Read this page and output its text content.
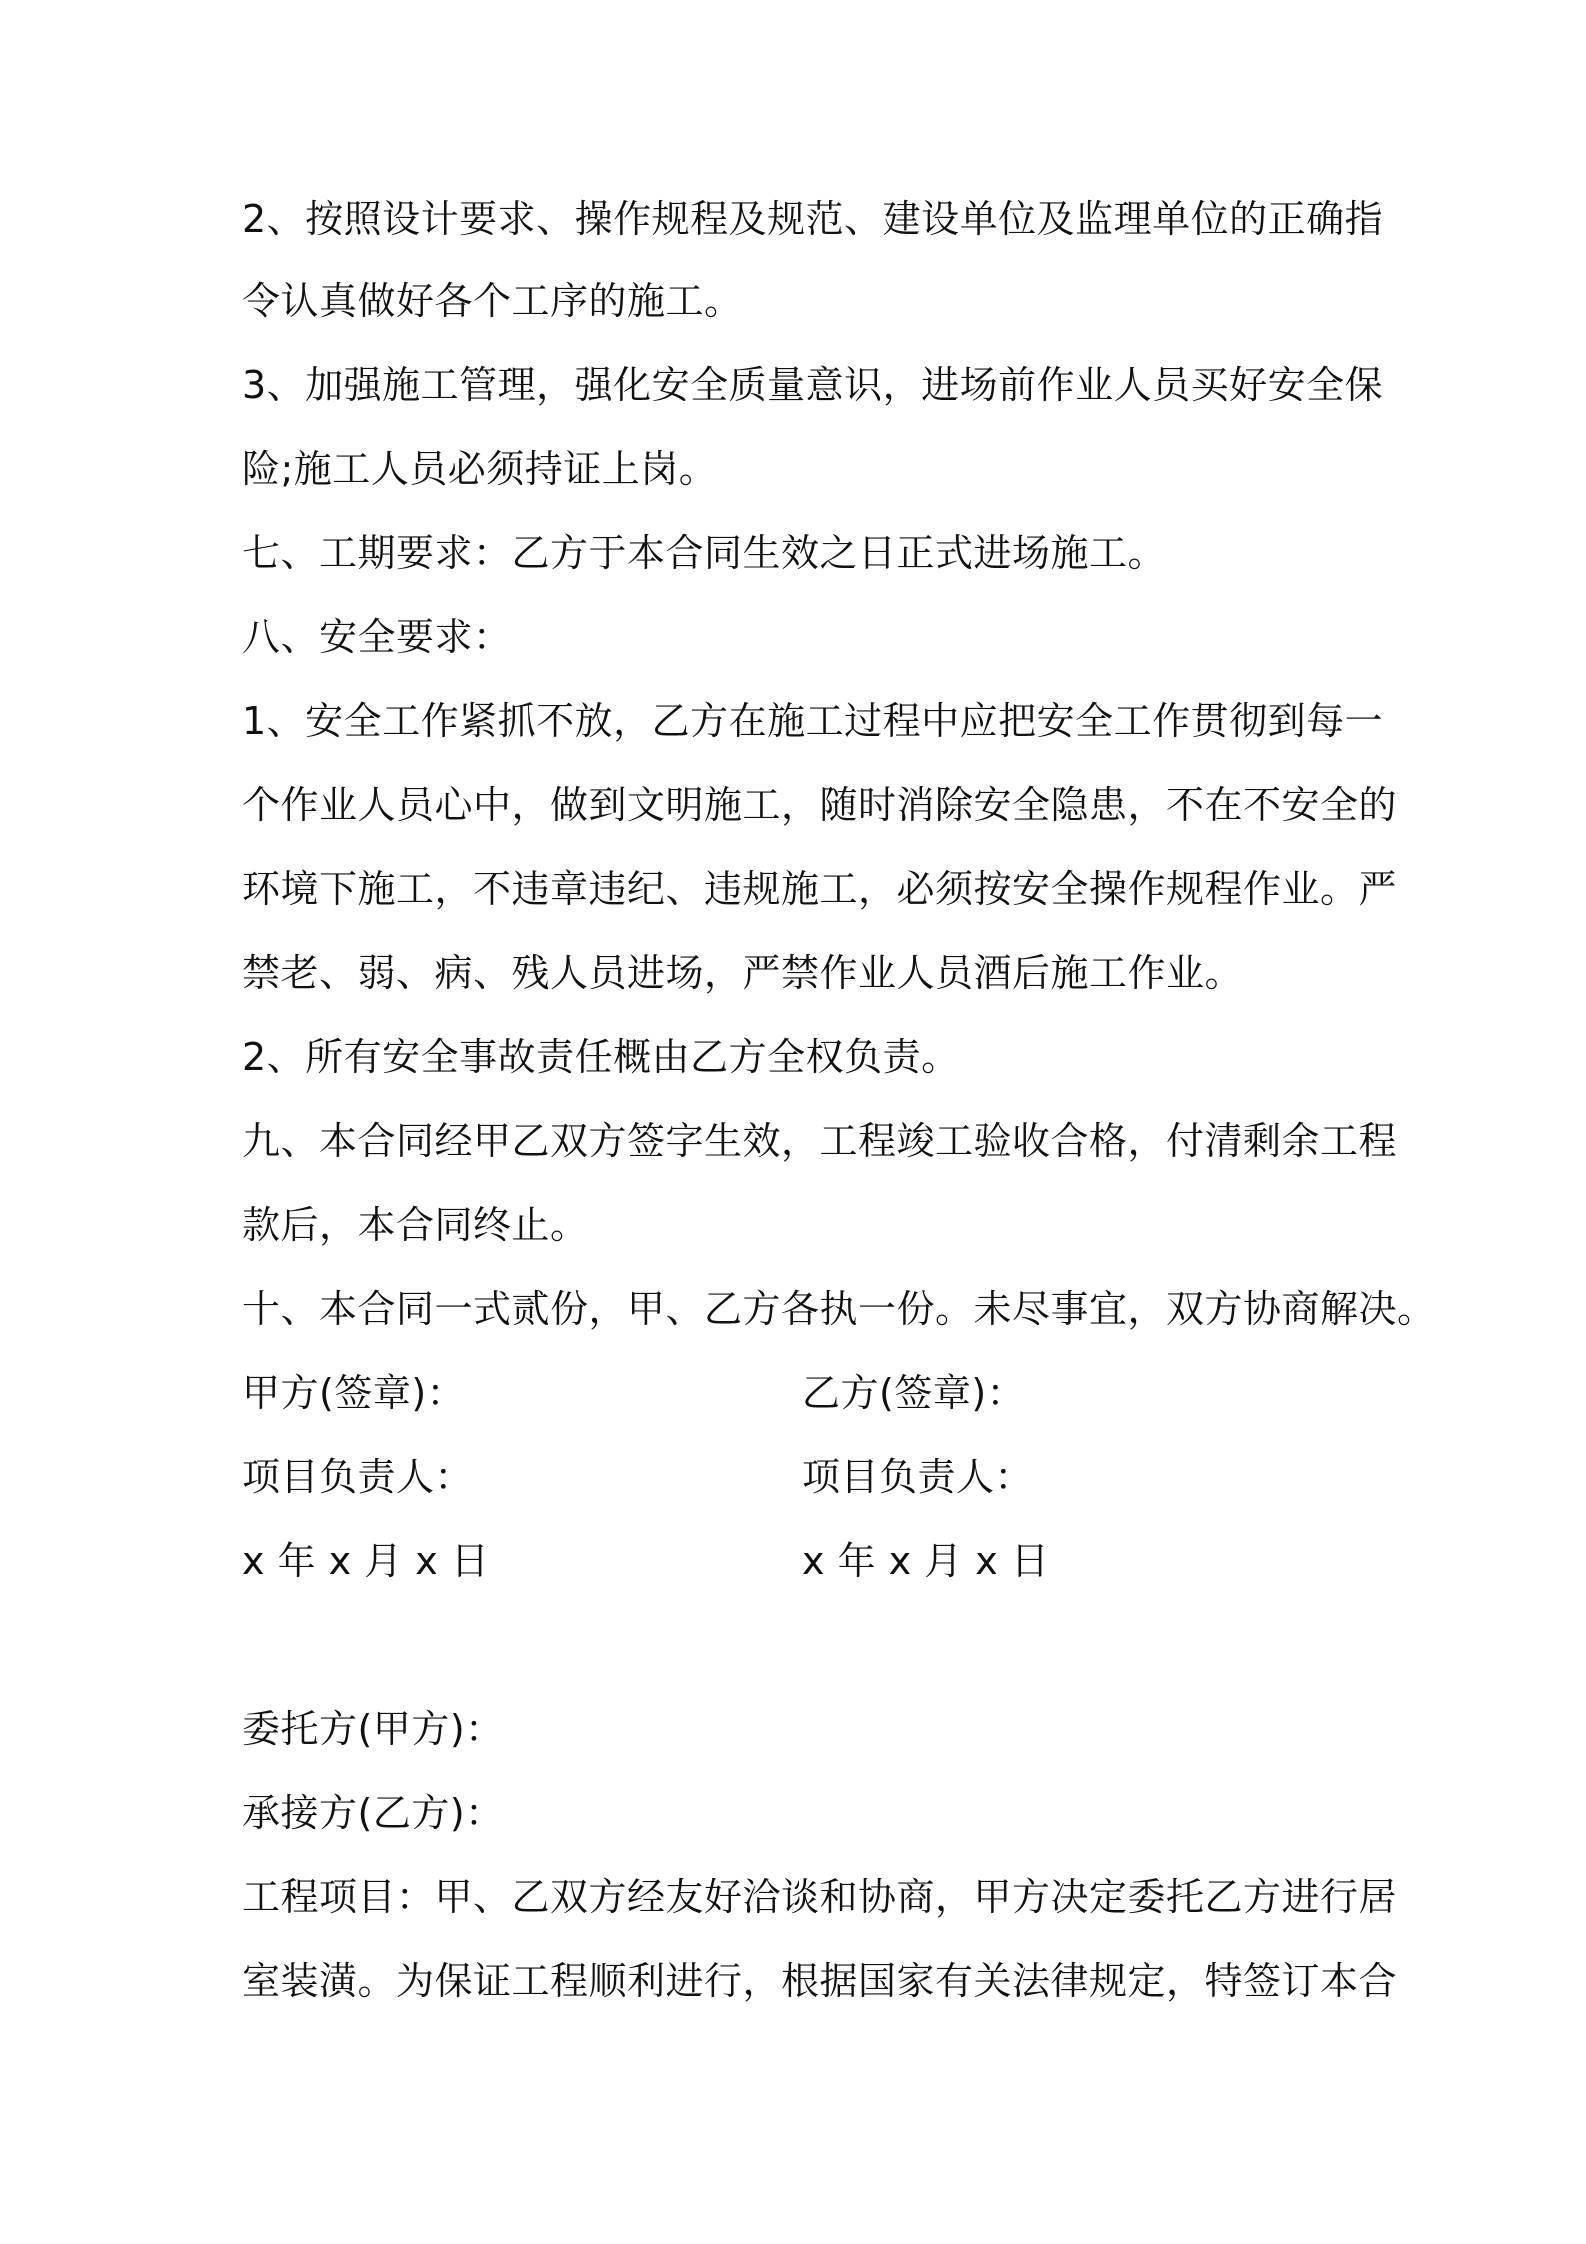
2、按照设计要求、操作规程及规范、建设单位及监理单位的正确指
令认真做好各个工序的施工。
3、加强施工管理，强化安全质量意识，进场前作业人员买好安全保
险;施工人员必须持证上岗。
七、工期要求：乙方于本合同生效之日正式进场施工。
八、安全要求：
1、安全工作紧抓不放，乙方在施工过程中应把安全工作贯彻到每一
个作业人员心中，做到文明施工，随时消除安全隐患，不在不安全的
环境下施工，不违章违纪、违规施工，必须按安全操作规程作业。严
禁老、弱、病、残人员进场，严禁作业人员酒后施工作业。
2、所有安全事故责任概由乙方全权负责。
九、本合同经甲乙双方签字生效，工程竣工验收合格，付清剩余工程
款后，本合同终止。
十、本合同一式贰份，甲、乙方各执一份。未尽事宜，双方协商解决。
甲方(签章)：	乙方(签章)：
项目负责人：	项目负责人：
x 年 x 月 x 日	x 年 x 月 x 日
委托方(甲方)：
承接方(乙方)：
工程项目：甲、乙双方经友好洽谈和协商，甲方决定委托乙方进行居
室装潢。为保证工程顺利进行，根据国家有关法律规定，特签订本合
